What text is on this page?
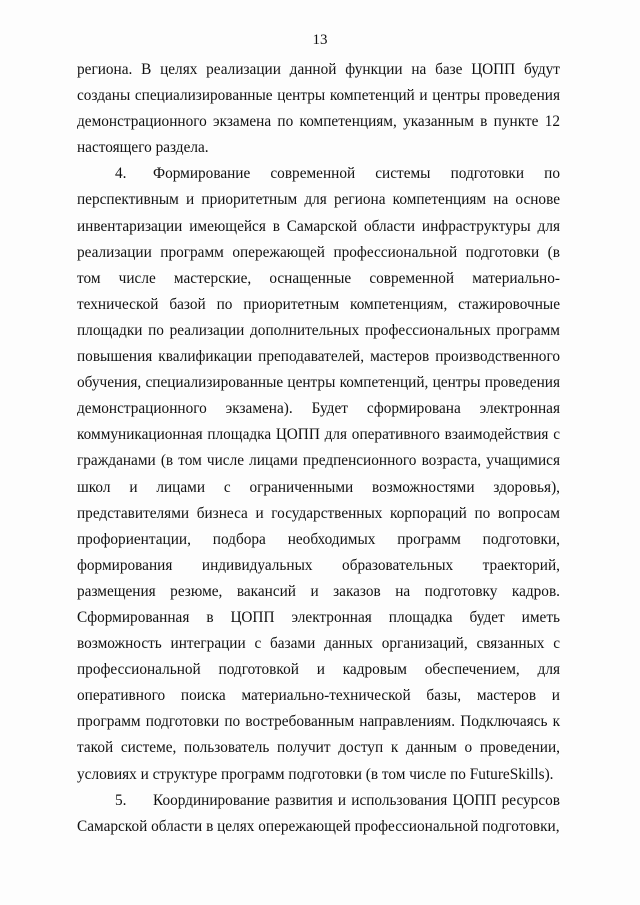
13

региона. В целях реализации данной функции на базе ЦОПП будут созданы специализированные центры компетенций и центры проведения демонстрационного экзамена по компетенциям, указанным в пункте 12 настоящего раздела.

4. Формирование современной системы подготовки по перспективным и приоритетным для региона компетенциям на основе инвентаризации имеющейся в Самарской области инфраструктуры для реализации программ опережающей профессиональной подготовки (в том числе мастерские, оснащенные современной материально-технической базой по приоритетным компетенциям, стажировочные площадки по реализации дополнительных профессиональных программ повышения квалификации преподавателей, мастеров производственного обучения, специализированные центры компетенций, центры проведения демонстрационного экзамена). Будет сформирована электронная коммуникационная площадка ЦОПП для оперативного взаимодействия с гражданами (в том числе лицами предпенсионного возраста, учащимися школ и лицами с ограниченными возможностями здоровья), представителями бизнеса и государственных корпораций по вопросам профориентации, подбора необходимых программ подготовки, формирования индивидуальных образовательных траекторий, размещения резюме, вакансий и заказов на подготовку кадров. Сформированная в ЦОПП электронная площадка будет иметь возможность интеграции с базами данных организаций, связанных с профессиональной подготовкой и кадровым обеспечением, для оперативного поиска материально-технической базы, мастеров и программ подготовки по востребованным направлениям. Подключаясь к такой системе, пользователь получит доступ к данным о проведении, условиях и структуре программ подготовки (в том числе по FutureSkills).

5. Координирование развития и использования ЦОПП ресурсов Самарской области в целях опережающей профессиональной подготовки,
